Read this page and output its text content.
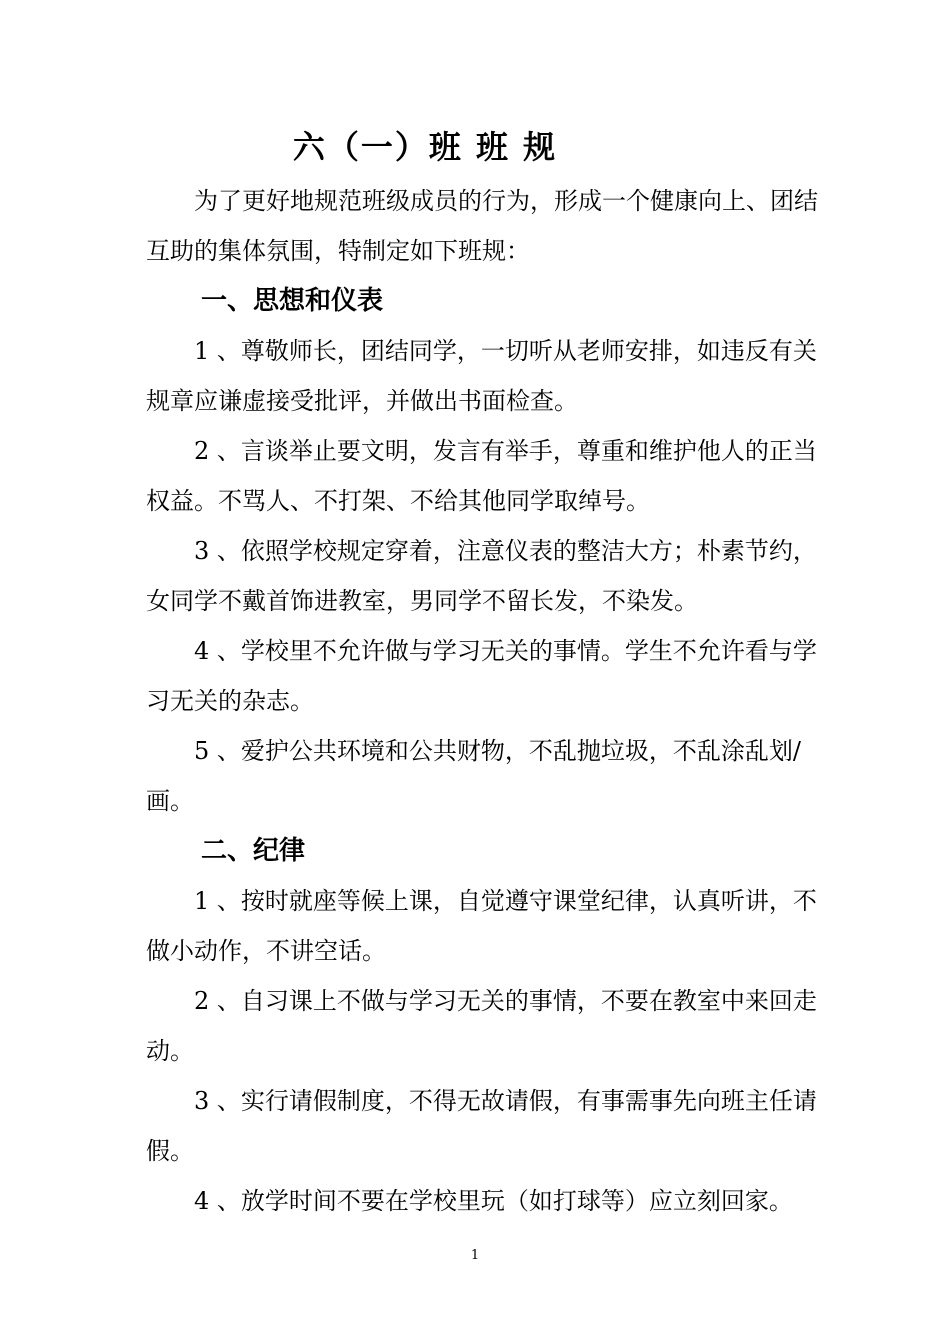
六（一）班 班 规

为了更好地规范班级成员的行为，形成一个健康向上、团结互助的集体氛围，特制定如下班规：

一、思想和仪表

1 、尊敬师长，团结同学，一切听从老师安排，如违反有关规章应谦虚接受批评，并做出书面检查。

2 、言谈举止要文明，发言有举手，尊重和维护他人的正当权益。不骂人、不打架、不给其他同学取绰号。

3 、依照学校规定穿着，注意仪表的整洁大方；朴素节约，女同学不戴首饰进教室，男同学不留长发，不染发。

4 、学校里不允许做与学习无关的事情。学生不允许看与学习无关的杂志。

5 、爱护公共环境和公共财物，不乱抛垃圾，不乱涂乱划/画。

二、纪律

1 、按时就座等候上课，自觉遵守课堂纪律，认真听讲，不做小动作，不讲空话。

2 、自习课上不做与学习无关的事情，不要在教室中来回走动。

3 、实行请假制度，不得无故请假，有事需事先向班主任请假。

4 、放学时间不要在学校里玩（如打球等）应立刻回家。

1
